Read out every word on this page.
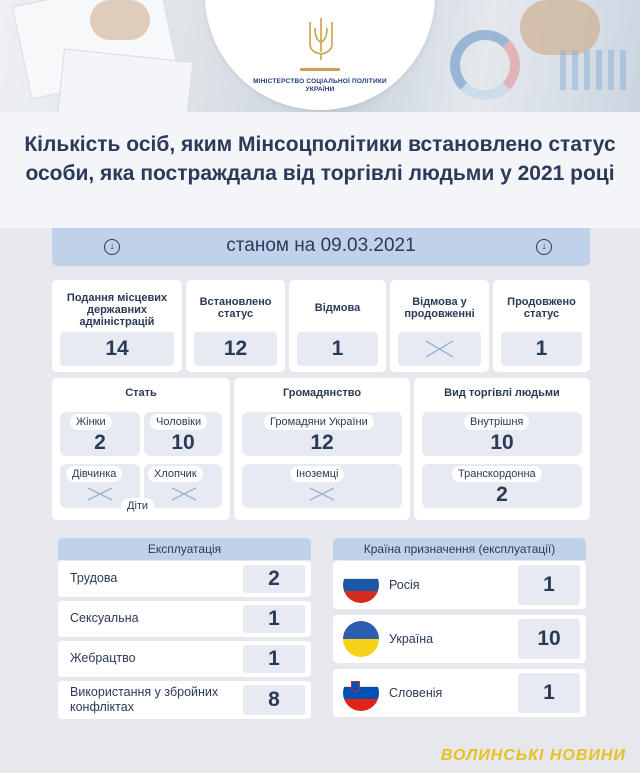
МІНІСТЕРСТВО СОЦІАЛЬНОЇ ПОЛІТИКИ УКРАЇНИ
Кількість осіб, яким Мінсоцполітики встановлено статус особи, яка постраждала від торгівлі людьми у 2021 році
↓	станом на 09.03.2021	↓
Подання місцевих державних адміністрацій
14
Встановлено статус
12
Відмова
1
Відмова у продовженні
Продовжено статус
1
Стать
Жінки
2
Чоловіки
10
Дівчинка	Хлопчик
Діти
Громадянство
Громадяни України
12
Іноземці
Вид торгівлі людьми
Внутрішня
10
Транскордонна
2
Експлуатація
Трудова	2
Сексуальна	1
Жебрацтво	1
Використання у збройних конфліктах	8
Країна призначення (експлуатації)
Росія	1
Україна	10
Словенія	1
ВОЛИНСЬКІ НОВИНИ
